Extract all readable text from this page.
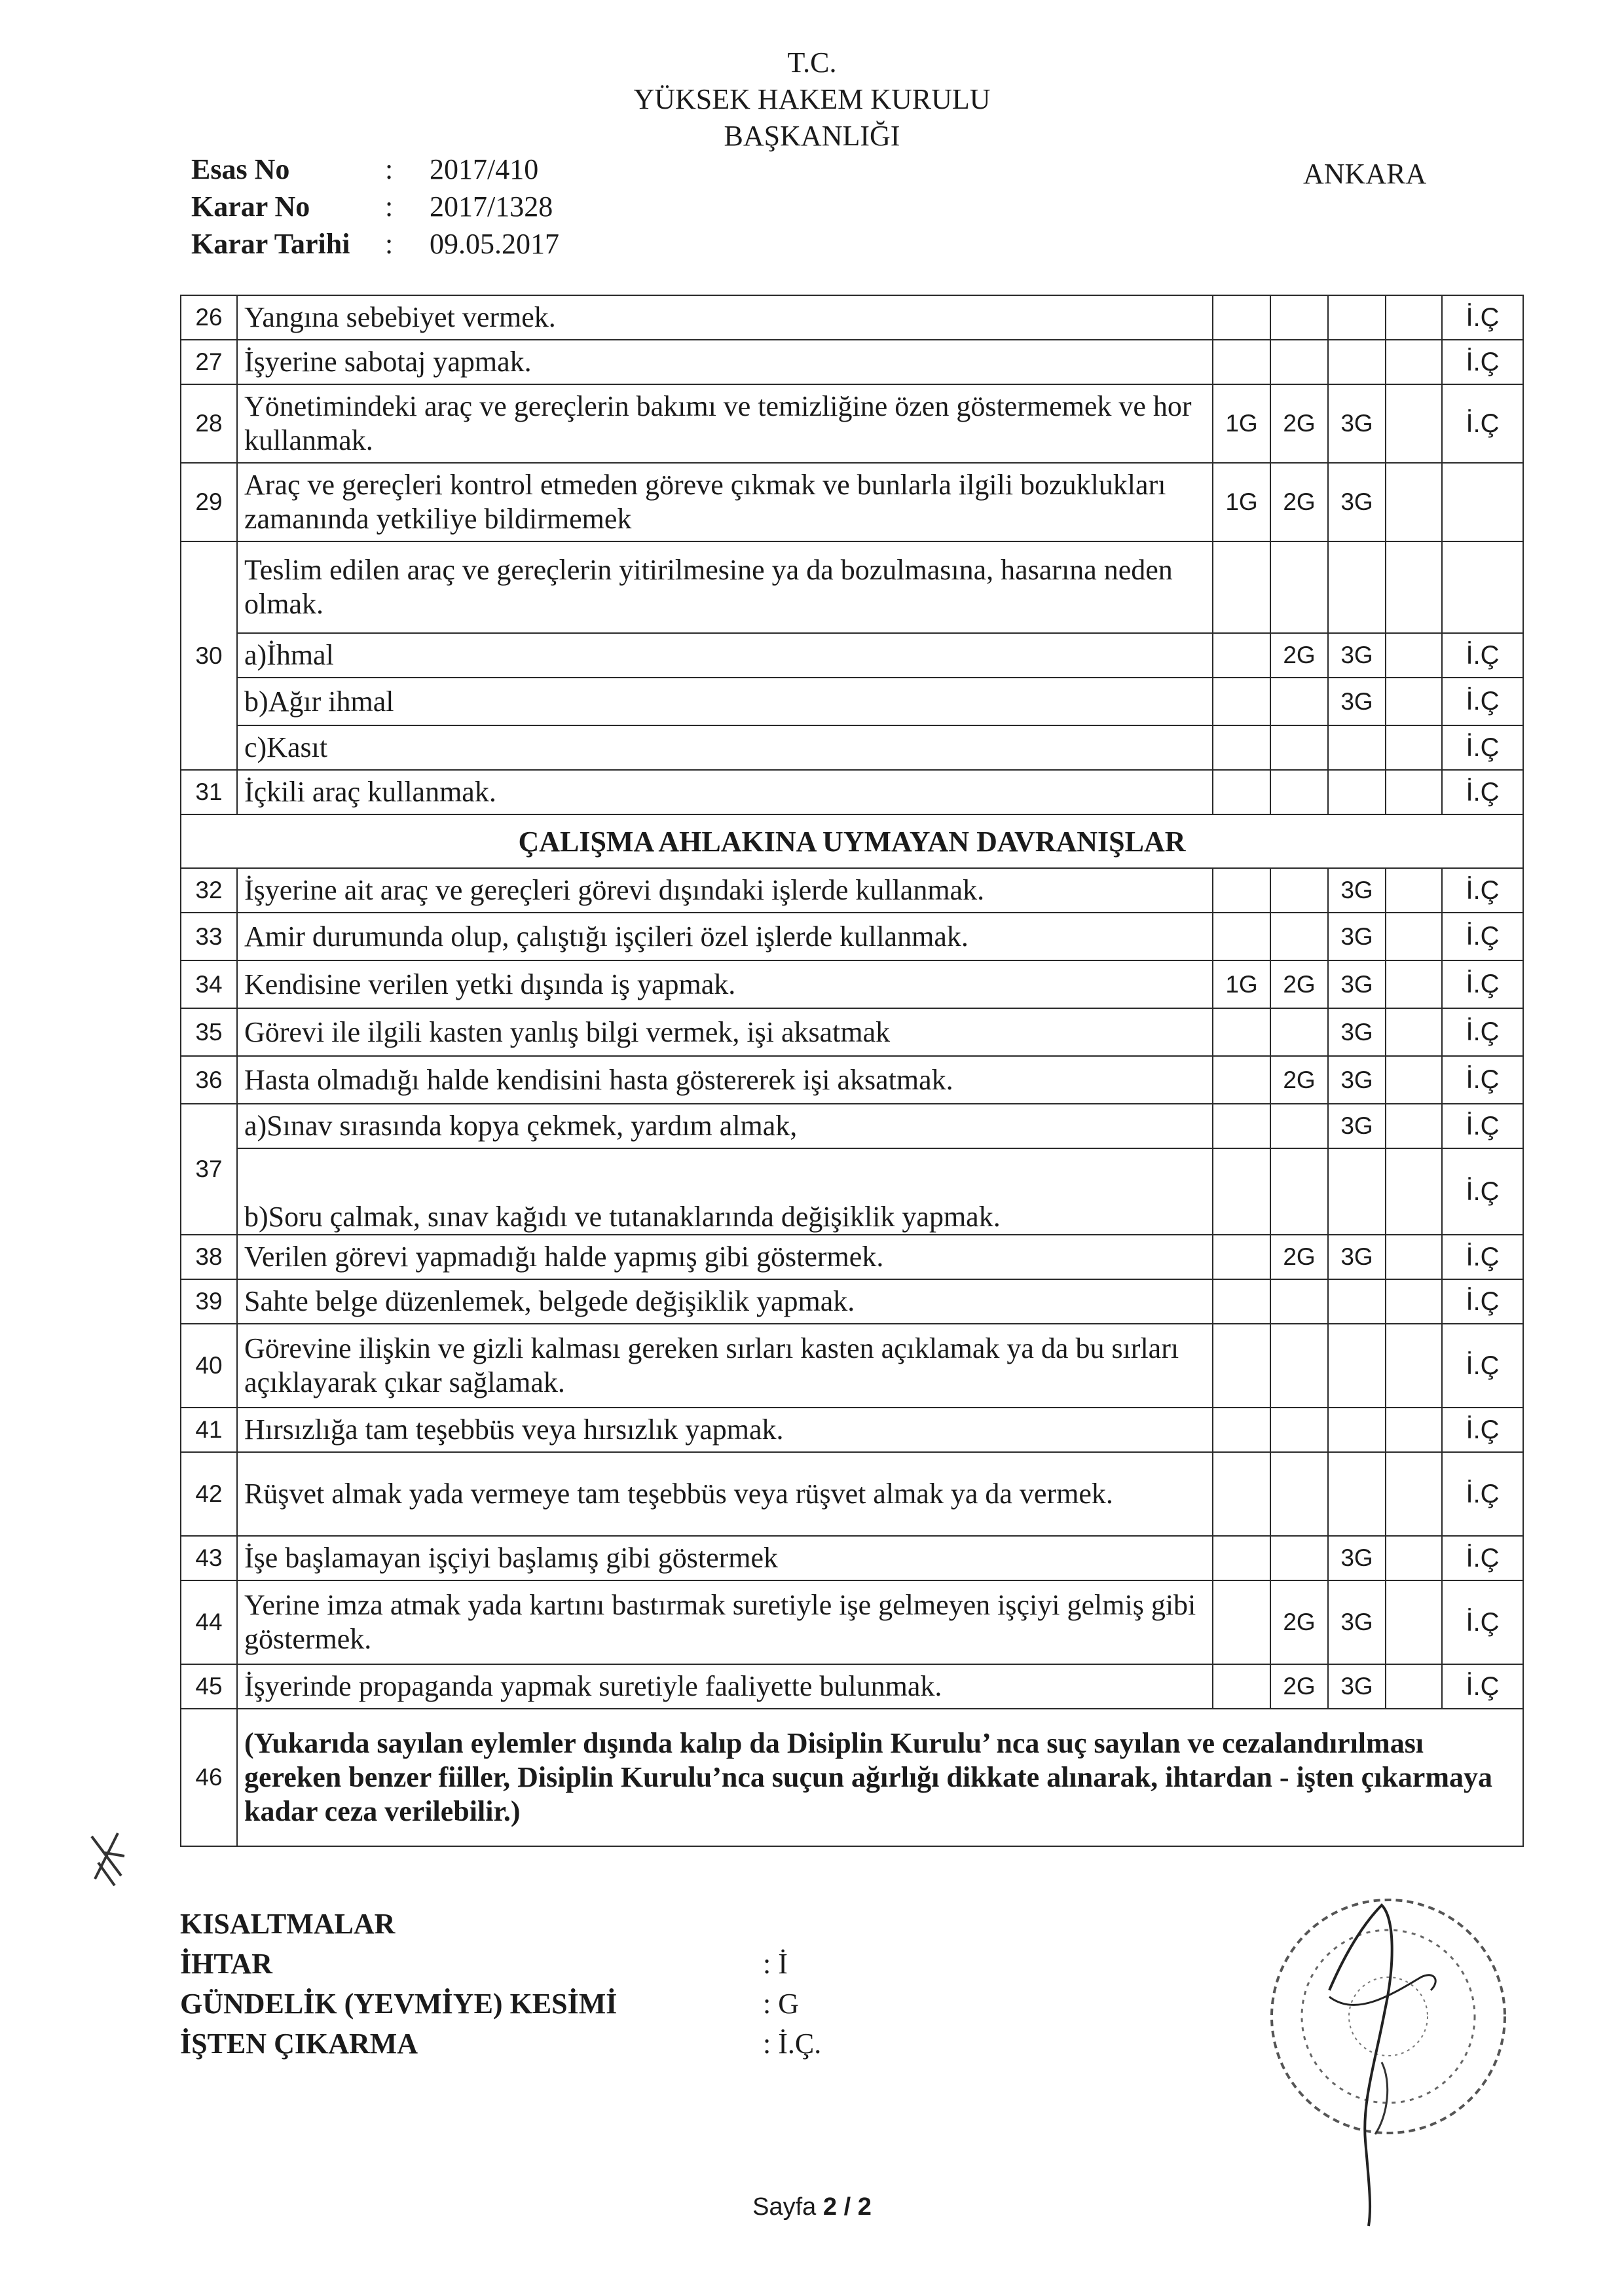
T.C.
YÜKSEK HAKEM KURULU
BAŞKANLIĞI
Esas No	:	2017/410
Karar No	:	2017/1328
Karar Tarihi	:	09.05.2017
ANKARA
26	Yangına sebebiyet vermek.					İ.Ç
27	İşyerine sabotaj yapmak.					İ.Ç
28	Yönetimindeki araç ve gereçlerin bakımı ve temizliğine özen göstermemek ve hor kullanmak.	1G	2G	3G		İ.Ç
29	Araç ve gereçleri kontrol etmeden göreve çıkmak ve bunlarla ilgili bozuklukları zamanında yetkiliye bildirmemek	1G	2G	3G		
30	Teslim edilen araç ve gereçlerin yitirilmesine ya da bozulmasına, hasarına neden olmak.					
	a)İhmal		2G	3G		İ.Ç
	b)Ağır ihmal			3G		İ.Ç
	c)Kasıt					İ.Ç
31	İçkili araç kullanmak.					İ.Ç
ÇALIŞMA AHLAKINA UYMAYAN DAVRANIŞLAR						
32	İşyerine ait araç ve gereçleri görevi dışındaki işlerde kullanmak.			3G		İ.Ç
33	Amir durumunda olup, çalıştığı işçileri özel işlerde kullanmak.			3G		İ.Ç
34	Kendisine verilen yetki dışında iş yapmak.	1G	2G	3G		İ.Ç
35	Görevi ile ilgili kasten yanlış bilgi vermek, işi aksatmak			3G		İ.Ç
36	Hasta olmadığı halde kendisini hasta göstererek işi aksatmak.		2G	3G		İ.Ç
37	a)Sınav sırasında kopya çekmek, yardım almak,			3G		İ.Ç
	b)Soru çalmak, sınav kağıdı ve tutanaklarında değişiklik yapmak.					İ.Ç
38	Verilen görevi yapmadığı halde yapmış gibi göstermek.		2G	3G		İ.Ç
39	Sahte belge düzenlemek, belgede değişiklik yapmak.					İ.Ç
40	Görevine ilişkin ve gizli kalması gereken sırları kasten açıklamak ya da bu sırları açıklayarak çıkar sağlamak.					İ.Ç
41	Hırsızlığa tam teşebbüs veya hırsızlık yapmak.					İ.Ç
42	Rüşvet almak yada vermeye tam teşebbüs veya rüşvet almak ya da vermek.					İ.Ç
43	İşe başlamayan işçiyi başlamış gibi göstermek			3G		İ.Ç
44	Yerine imza atmak yada kartını bastırmak suretiyle işe gelmeyen işçiyi gelmiş gibi göstermek.		2G	3G		İ.Ç
45	İşyerinde propaganda yapmak suretiyle faaliyette bulunmak.		2G	3G		İ.Ç
46	(Yukarıda sayılan eylemler dışında kalıp da Disiplin Kurulu’ nca suç sayılan ve cezalandırılması gereken benzer fiiller, Disiplin Kurulu’nca suçun ağırlığı dikkate alınarak, ihtardan - işten çıkarmaya kadar ceza verilebilir.)					
KISALTMALAR
İHTAR	: İ
GÜNDELİK (YEVMİYE) KESİMİ	: G
İŞTEN ÇIKARMA	: İ.Ç.
Sayfa 2 / 2
